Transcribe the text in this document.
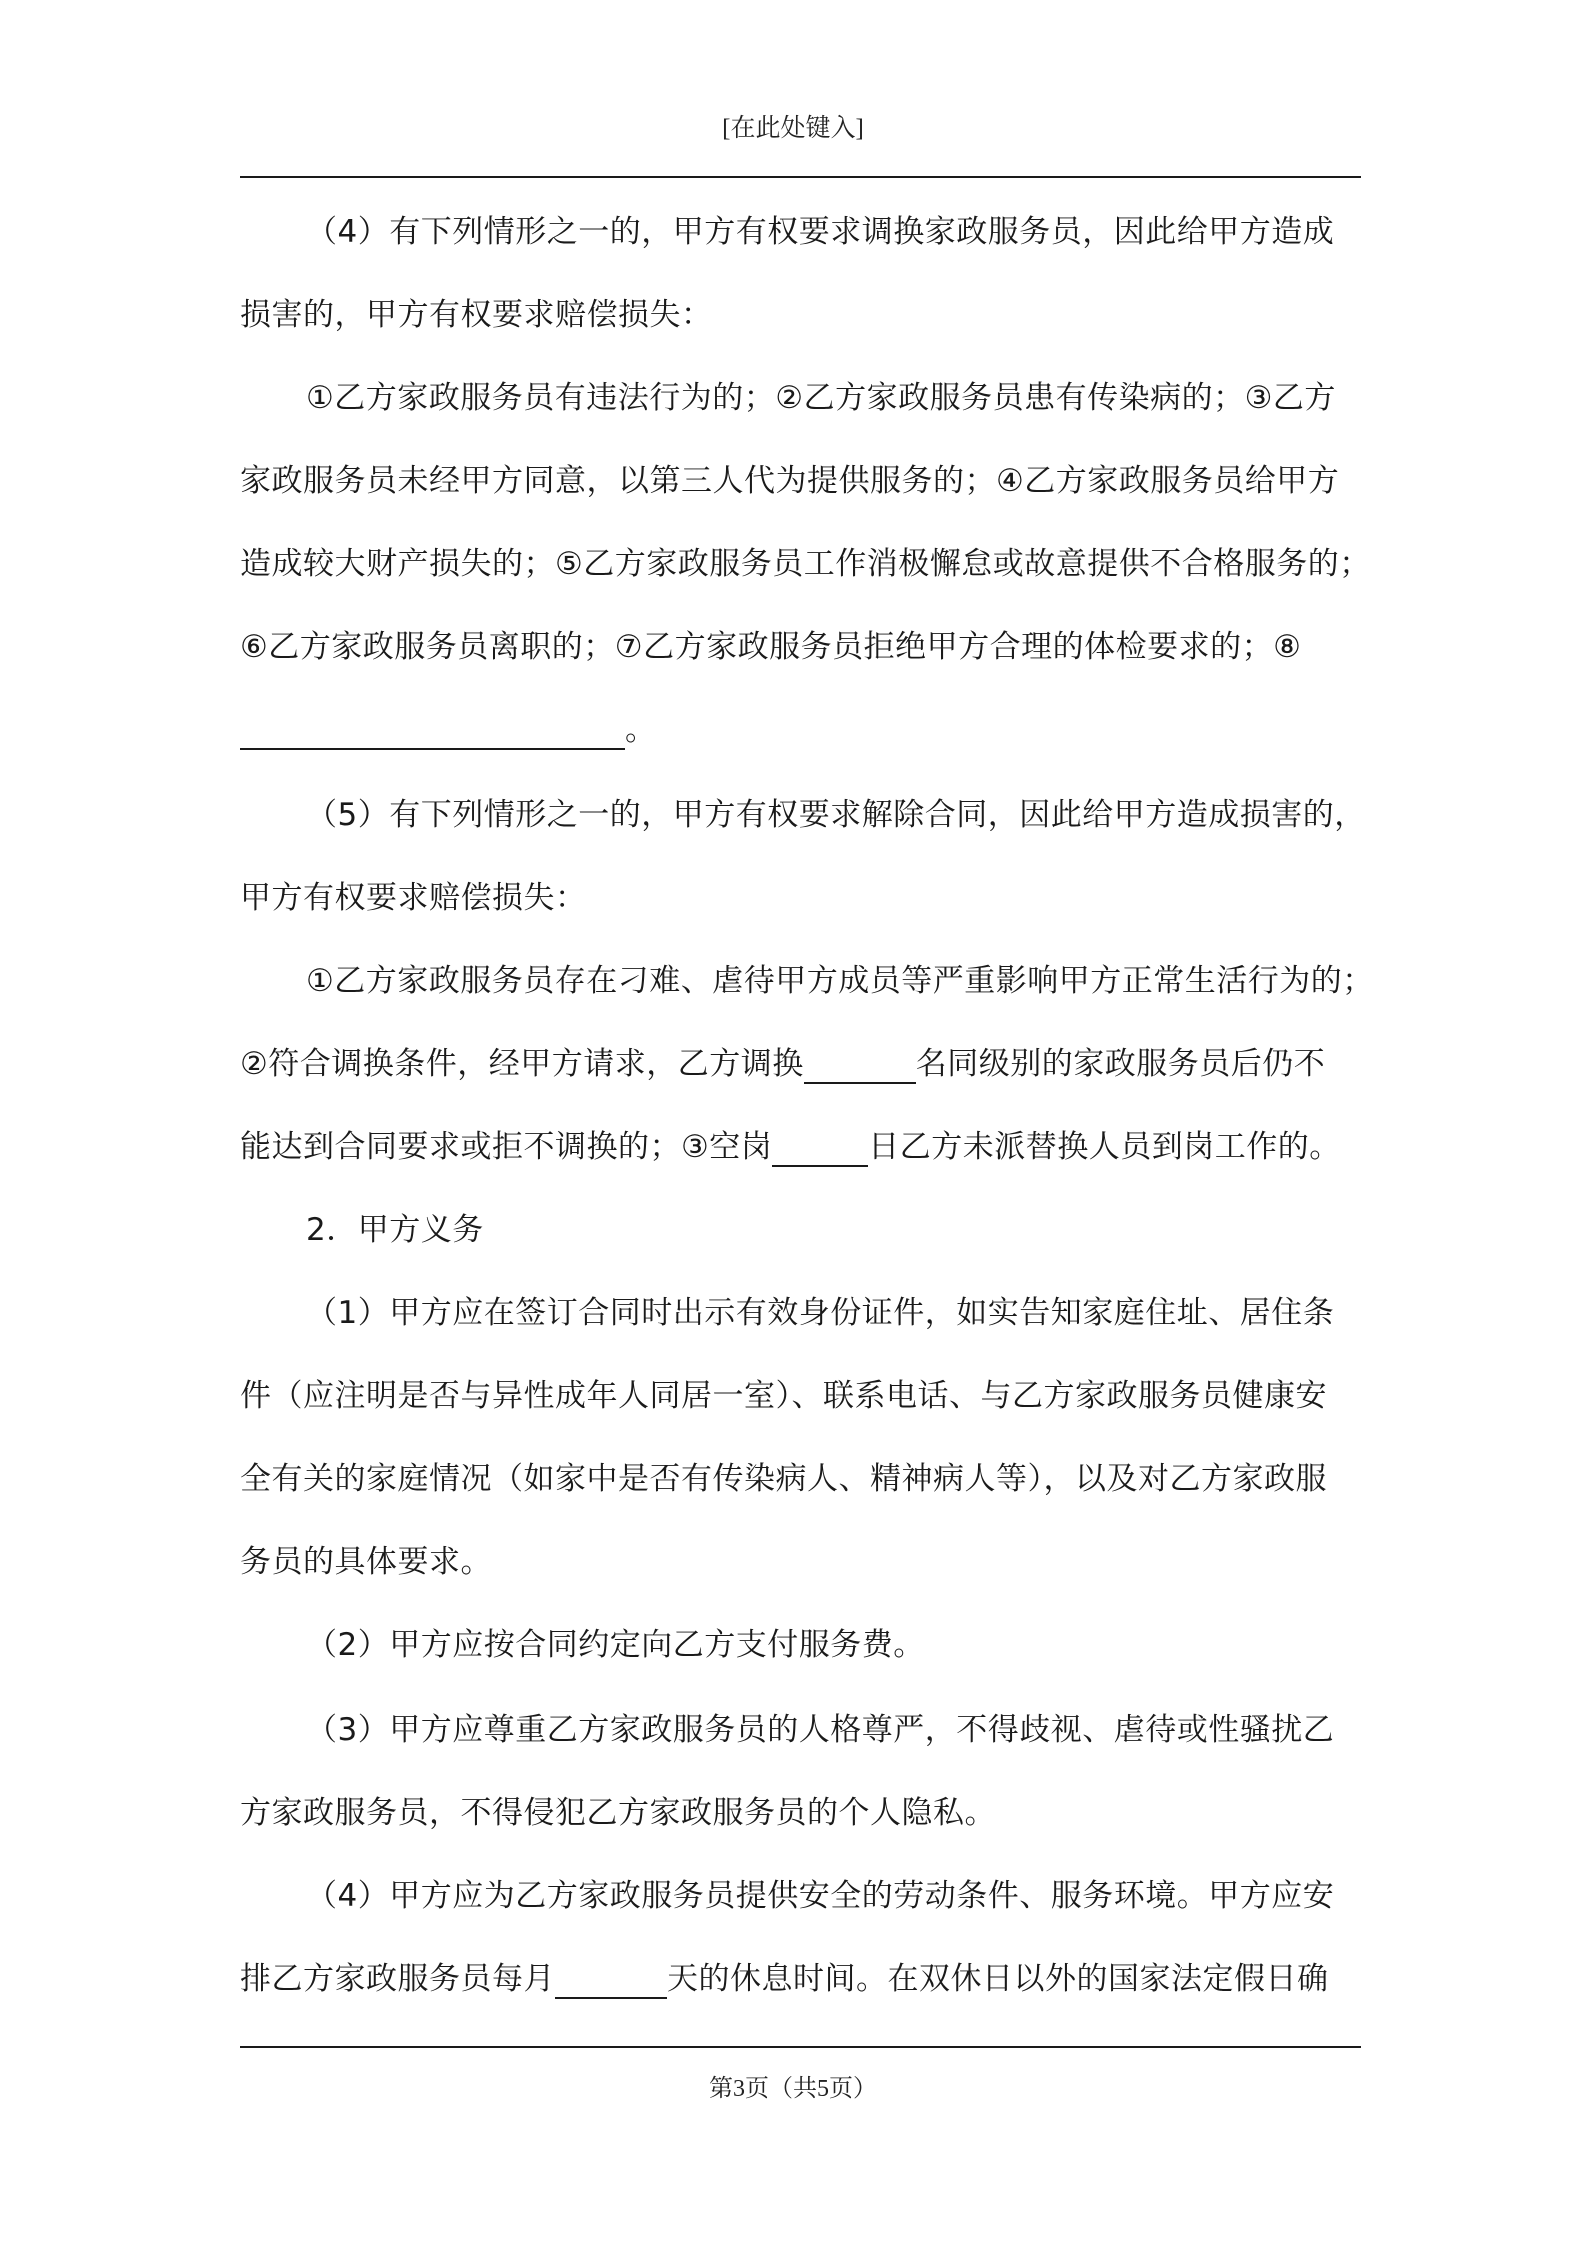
[在此处键入]
（4）有下列情形之一的，甲方有权要求调换家政服务员，因此给甲方造成
损害的，甲方有权要求赔偿损失：
①乙方家政服务员有违法行为的；②乙方家政服务员患有传染病的；③乙方
家政服务员未经甲方同意，以第三人代为提供服务的；④乙方家政服务员给甲方
造成较大财产损失的；⑤乙方家政服务员工作消极懈怠或故意提供不合格服务的；
⑥乙方家政服务员离职的；⑦乙方家政服务员拒绝甲方合理的体检要求的；⑧
。
（5）有下列情形之一的，甲方有权要求解除合同，因此给甲方造成损害的，
甲方有权要求赔偿损失：
①乙方家政服务员存在刁难、虐待甲方成员等严重影响甲方正常生活行为的；
②符合调换条件，经甲方请求，乙方调换	名同级别的家政服务员后仍不
能达到合同要求或拒不调换的；③空岗	日乙方未派替换人员到岗工作的。
2．甲方义务
（1）甲方应在签订合同时出示有效身份证件，如实告知家庭住址、居住条
件（应注明是否与异性成年人同居一室）、联系电话、与乙方家政服务员健康安
全有关的家庭情况（如家中是否有传染病人、精神病人等），以及对乙方家政服
务员的具体要求。
（2）甲方应按合同约定向乙方支付服务费。
（3）甲方应尊重乙方家政服务员的人格尊严，不得歧视、虐待或性骚扰乙
方家政服务员，不得侵犯乙方家政服务员的个人隐私。
（4）甲方应为乙方家政服务员提供安全的劳动条件、服务环境。甲方应安
排乙方家政服务员每月	天的休息时间。在双休日以外的国家法定假日确
第3页（共5页）
